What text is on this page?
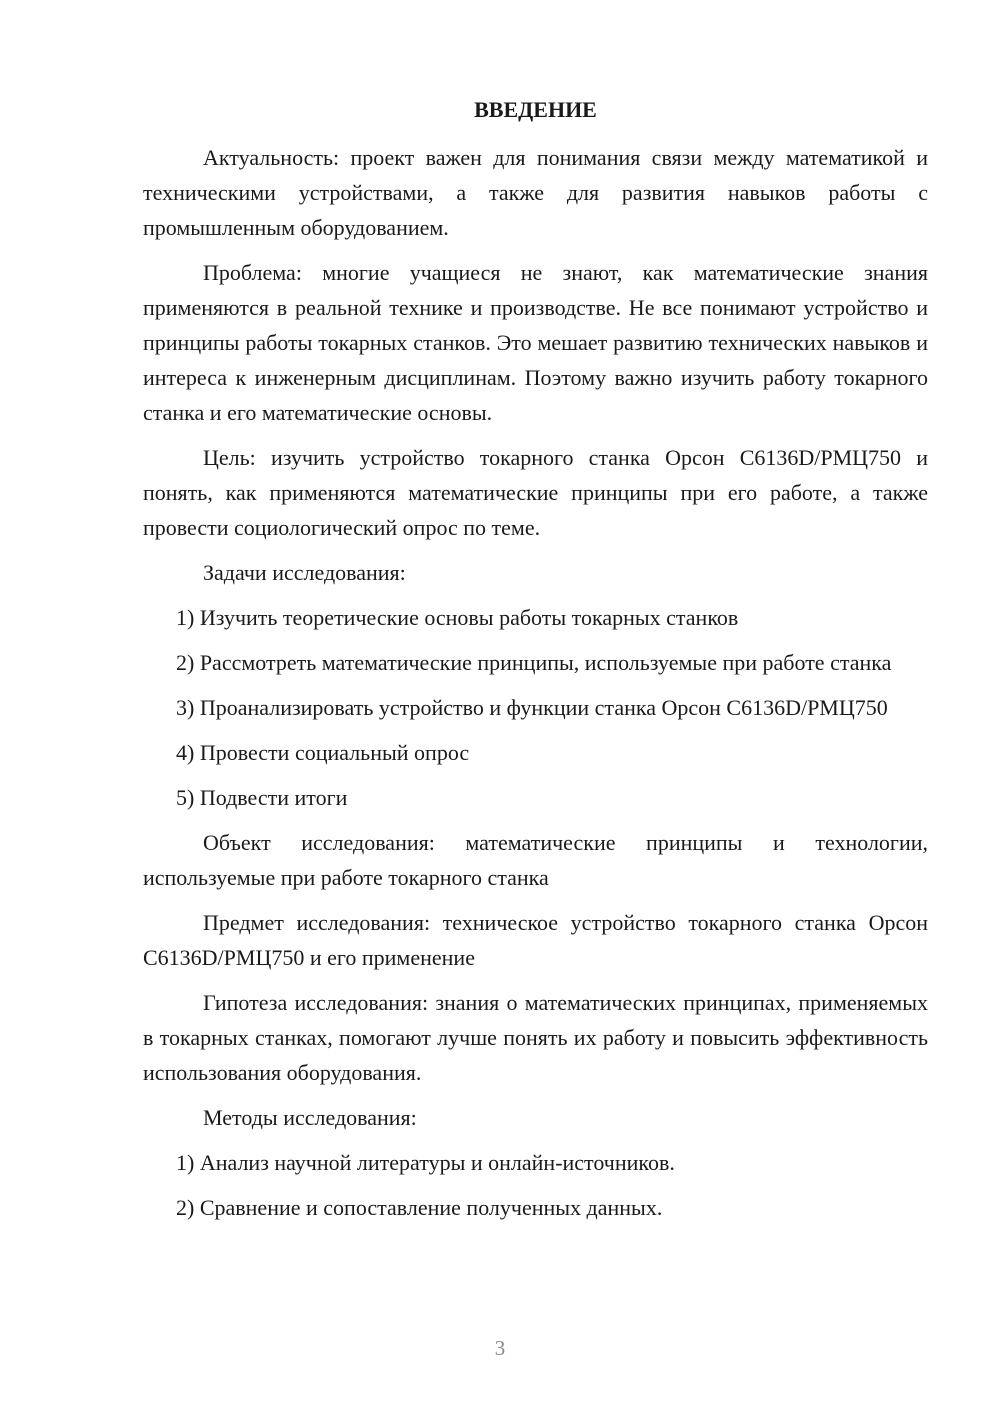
ВВЕДЕНИЕ

Актуальность: проект важен для понимания связи между математикой и техническими устройствами, а также для развития навыков работы с промышленным оборудованием.

Проблема: многие учащиеся не знают, как математические знания применяются в реальной технике и производстве. Не все понимают устройство и принципы работы токарных станков. Это мешает развитию технических навыков и интереса к инженерным дисциплинам. Поэтому важно изучить работу токарного станка и его математические основы.

Цель: изучить устройство токарного станка Орсон С6136D/РМЦ750 и понять, как применяются математические принципы при его работе, а также провести социологический опрос по теме.

Задачи исследования:

1) Изучить теоретические основы работы токарных станков

2) Рассмотреть математические принципы, используемые при работе станка

3) Проанализировать устройство и функции станка Орсон С6136D/РМЦ750

4) Провести социальный опрос

5) Подвести итоги

Объект исследования: математические принципы и технологии, используемые при работе токарного станка

Предмет исследования: техническое устройство токарного станка Орсон С6136D/РМЦ750 и его применение

Гипотеза исследования: знания о математических принципах, применяемых в токарных станках, помогают лучше понять их работу и повысить эффективность использования оборудования.

Методы исследования:

1) Анализ научной литературы и онлайн-источников.

2) Сравнение и сопоставление полученных данных.

3
